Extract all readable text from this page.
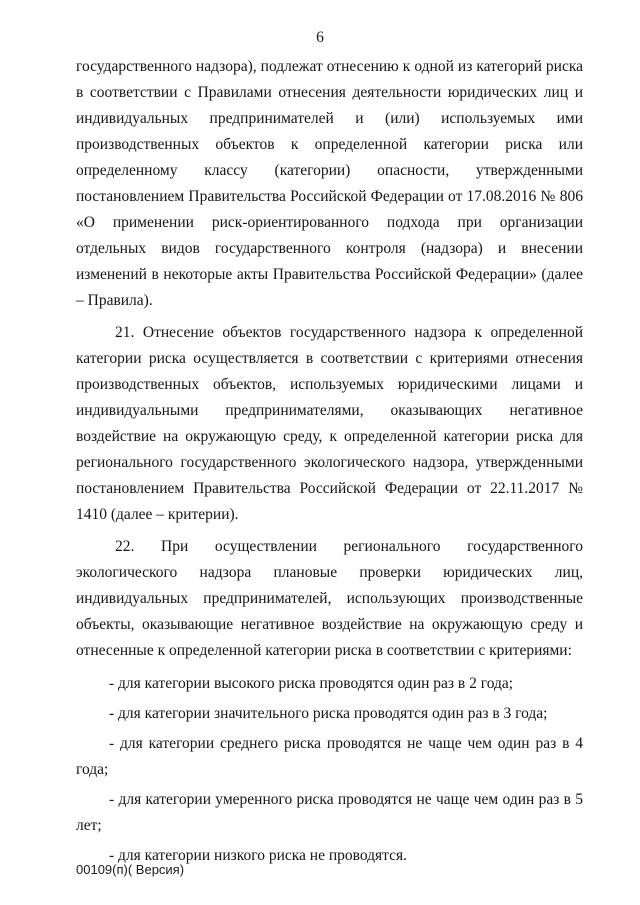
6

государственного надзора), подлежат отнесению к одной из категорий риска в соответствии с Правилами отнесения деятельности юридических лиц и индивидуальных предпринимателей и (или) используемых ими производственных объектов к определенной категории риска или определенному классу (категории) опасности, утвержденными постановлением Правительства Российской Федерации от 17.08.2016 № 806 «О применении риск-ориентированного подхода при организации отдельных видов государственного контроля (надзора) и внесении изменений в некоторые акты Правительства Российской Федерации» (далее – Правила).

21. Отнесение объектов государственного надзора к определенной категории риска осуществляется в соответствии с критериями отнесения производственных объектов, используемых юридическими лицами и индивидуальными предпринимателями, оказывающих негативное воздействие на окружающую среду, к определенной категории риска для регионального государственного экологического надзора, утвержденными постановлением Правительства Российской Федерации от 22.11.2017 № 1410 (далее – критерии).

22. При осуществлении регионального государственного экологического надзора плановые проверки юридических лиц, индивидуальных предпринимателей, использующих производственные объекты, оказывающие негативное воздействие на окружающую среду и отнесенные к определенной категории риска в соответствии с критериями:

- для категории высокого риска проводятся один раз в 2 года;

- для категории значительного риска проводятся один раз в 3 года;

- для категории среднего риска проводятся не чаще чем один раз в 4 года;

- для категории умеренного риска проводятся не чаще чем один раз в 5 лет;

- для категории низкого риска не проводятся.

00109(п)( Версия)
